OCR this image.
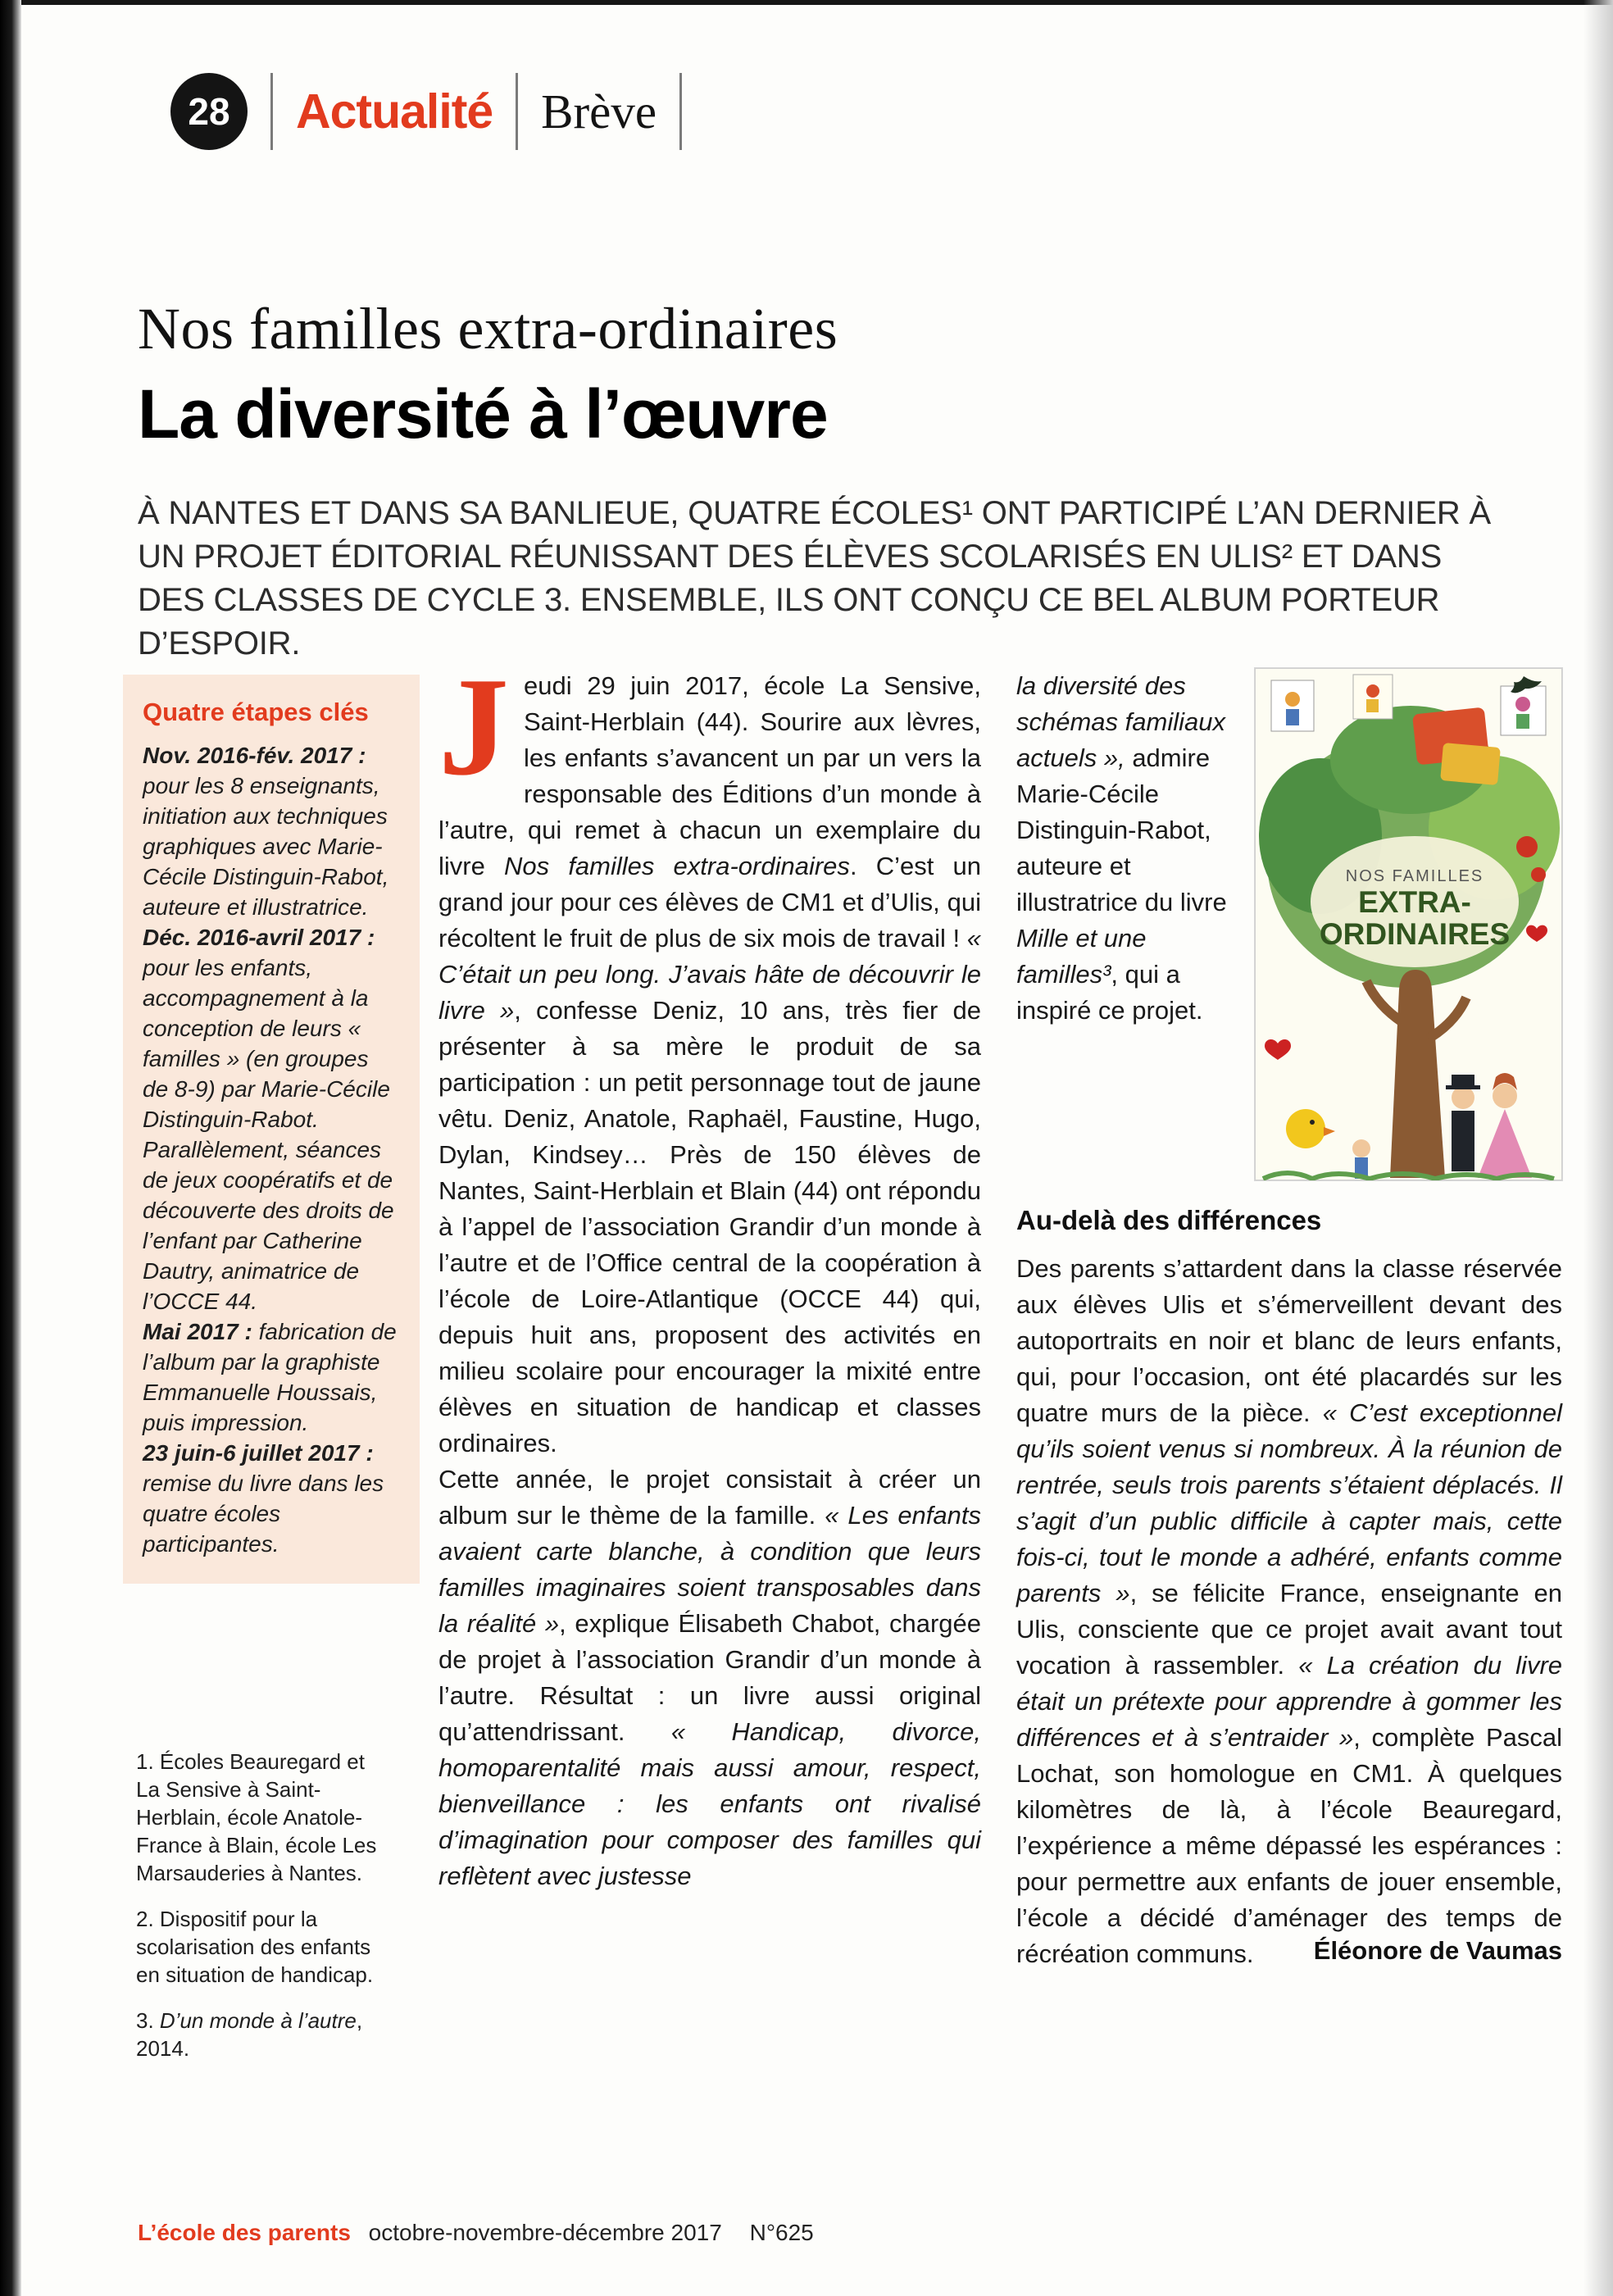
28 Actualité Brève
Nos familles extra-ordinaires
La diversité à l’œuvre

À NANTES ET DANS SA BANLIEUE, QUATRE ÉCOLES¹ ONT PARTICIPÉ L’AN DERNIER À UN PROJET ÉDITORIAL RÉUNISSANT DES ÉLÈVES SCOLARISÉS EN ULIS² ET DANS DES CLASSES DE CYCLE 3. ENSEMBLE, ILS ONT CONÇU CE BEL ALBUM PORTEUR D’ESPOIR.

Quatre étapes clés

Nov. 2016-fév. 2017 : pour les 8 enseignants, initiation aux techniques graphiques avec Marie-Cécile Distinguin-Rabot, auteure et illustratrice.

Déc. 2016-avril 2017 : pour les enfants, accompagnement à la conception de leurs « familles » (en groupes de 8-9) par Marie-Cécile Distinguin-Rabot. Parallèlement, séances de jeux coopératifs et de découverte des droits de l’enfant par Catherine Dautry, animatrice de l’OCCE 44.

Mai 2017 : fabrication de l’album par la graphiste Emmanuelle Houssais, puis impression.

23 juin-6 juillet 2017 : remise du livre dans les quatre écoles participantes.

1. Écoles Beauregard et La Sensive à Saint-Herblain, école Anatole-France à Blain, école Les Marsauderies à Nantes.

2. Dispositif pour la scolarisation des enfants en situation de handicap.

3. D’un monde à l’autre, 2014.

Jeudi 29 juin 2017, école La Sensive, Saint-Herblain (44). Sourire aux lèvres, les enfants s’avancent un par un vers la responsable des Éditions d’un monde à l’autre, qui remet à chacun un exemplaire du livre Nos familles extra-ordinaires. C’est un grand jour pour ces élèves de CM1 et d’Ulis, qui récoltent le fruit de plus de six mois de travail ! « C’était un peu long. J’avais hâte de découvrir le livre », confesse Deniz, 10 ans, très fier de présenter à sa mère le produit de sa participation : un petit personnage tout de jaune vêtu. Deniz, Anatole, Raphaël, Faustine, Hugo, Dylan, Kindsey… Près de 150 élèves de Nantes, Saint-Herblain et Blain (44) ont répondu à l’appel de l’association Grandir d’un monde à l’autre et de l’Office central de la coopération à l’école de Loire-Atlantique (OCCE 44) qui, depuis huit ans, proposent des activités en milieu scolaire pour encourager la mixité entre élèves en situation de handicap et classes ordinaires.

Cette année, le projet consistait à créer un album sur le thème de la famille. « Les enfants avaient carte blanche, à condition que leurs familles imaginaires soient transposables dans la réalité », explique Élisabeth Chabot, chargée de projet à l’association Grandir d’un monde à l’autre. Résultat : un livre aussi original qu’attendrissant. « Handicap, divorce, homoparentalité mais aussi amour, respect, bienveillance : les enfants ont rivalisé d’imagination pour composer des familles qui reflètent avec justesse

la diversité des schémas familiaux actuels », admire Marie-Cécile Distinguin-Rabot, auteure et illustratrice du livre Mille et une familles³, qui a inspiré ce projet.

NOS FAMILLES
EXTRA-
ORDINAIRES
Au-delà des différences

Des parents s’attardent dans la classe réservée aux élèves Ulis et s’émerveillent devant des autoportraits en noir et blanc de leurs enfants, qui, pour l’occasion, ont été placardés sur les quatre murs de la pièce. « C’est exceptionnel qu’ils soient venus si nombreux. À la réunion de rentrée, seuls trois parents s’étaient déplacés. Il s’agit d’un public difficile à capter mais, cette fois-ci, tout le monde a adhéré, enfants comme parents », se félicite France, enseignante en Ulis, consciente que ce projet avait avant tout vocation à rassembler. « La création du livre était un prétexte pour apprendre à gommer les différences et à s’entraider », complète Pascal Lochat, son homologue en CM1. À quelques kilomètres de là, à l’école Beauregard, l’expérience a même dépassé les espérances : pour permettre aux enfants de jouer ensemble, l’école a décidé d’aménager des temps de récréation communs.	Éléonore de Vaumas
L’école des parents octobre-novembre-décembre 2017 N°625
